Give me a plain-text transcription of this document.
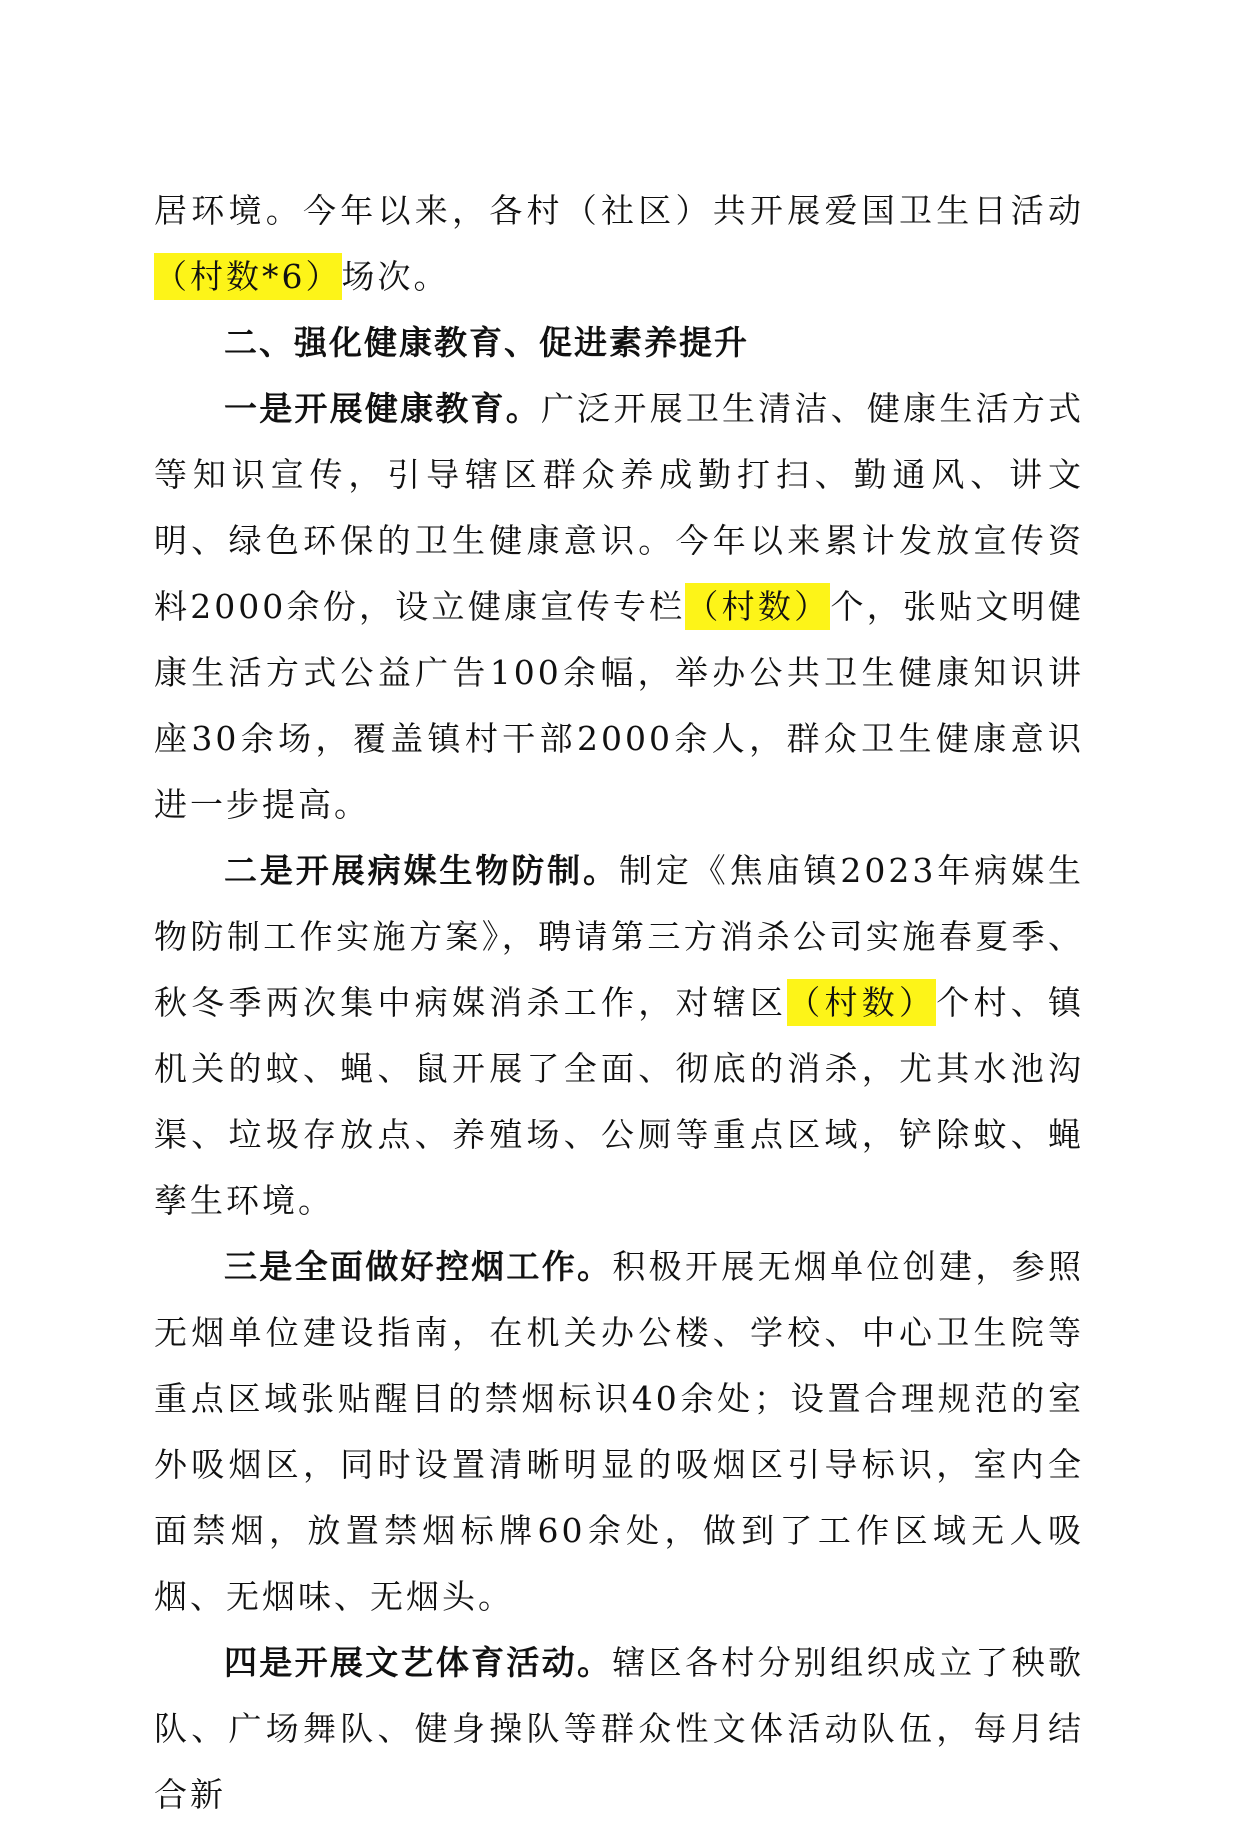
居环境。今年以来，各村（社区）共开展爱国卫生日活动（村数*6）场次。

二、强化健康教育、促进素养提升

一是开展健康教育。广泛开展卫生清洁、健康生活方式等知识宣传，引导辖区群众养成勤打扫、勤通风、讲文明、绿色环保的卫生健康意识。今年以来累计发放宣传资料2000余份，设立健康宣传专栏（村数）个，张贴文明健康生活方式公益广告100余幅，举办公共卫生健康知识讲座30余场，覆盖镇村干部2000余人，群众卫生健康意识进一步提高。

二是开展病媒生物防制。制定《焦庙镇2023年病媒生物防制工作实施方案》，聘请第三方消杀公司实施春夏季、秋冬季两次集中病媒消杀工作，对辖区（村数）个村、镇机关的蚊、蝇、鼠开展了全面、彻底的消杀，尤其水池沟渠、垃圾存放点、养殖场、公厕等重点区域，铲除蚊、蝇孳生环境。

三是全面做好控烟工作。积极开展无烟单位创建，参照无烟单位建设指南，在机关办公楼、学校、中心卫生院等重点区域张贴醒目的禁烟标识40余处；设置合理规范的室外吸烟区，同时设置清晰明显的吸烟区引导标识，室内全面禁烟，放置禁烟标牌60余处，做到了工作区域无人吸烟、无烟味、无烟头。

四是开展文艺体育活动。辖区各村分别组织成立了秧歌队、广场舞队、健身操队等群众性文体活动队伍，每月结合新
